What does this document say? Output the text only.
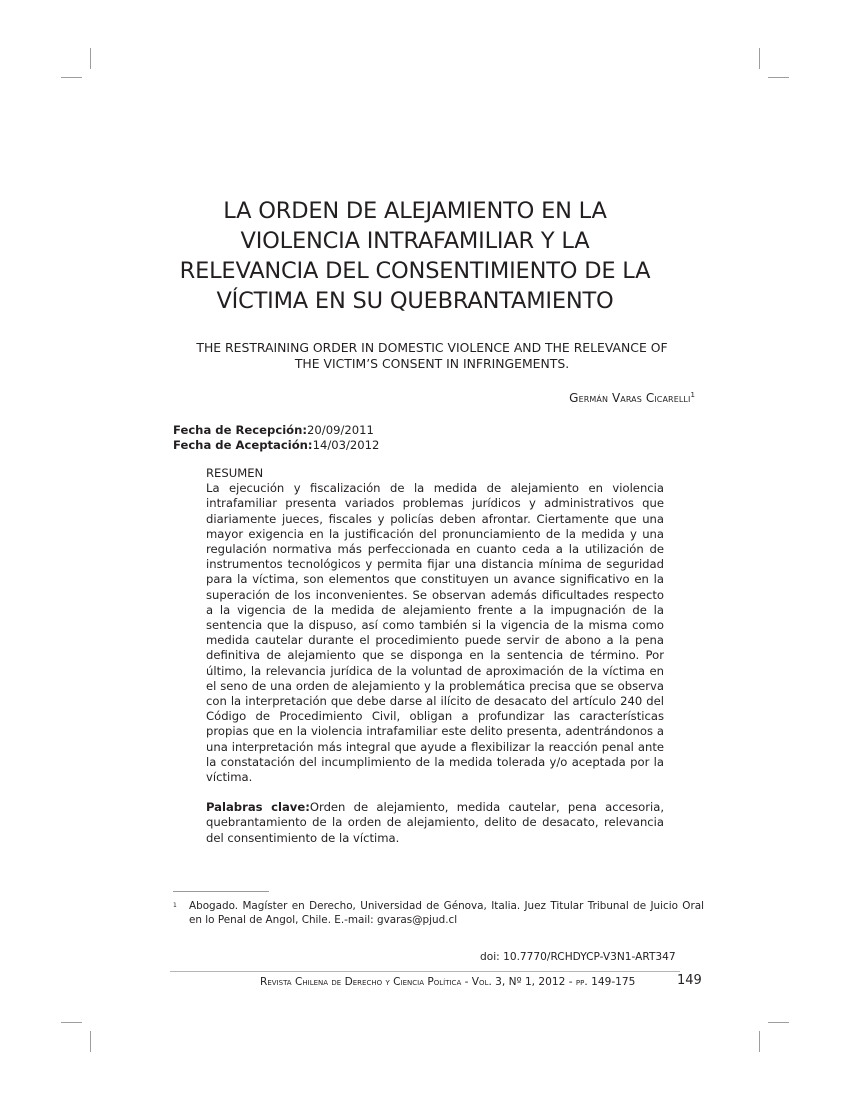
LA ORDEN DE ALEJAMIENTO EN LA
VIOLENCIA INTRAFAMILIAR Y LA
RELEVANCIA DEL CONSENTIMIENTO DE LA
VÍCTIMA EN SU QUEBRANTAMIENTO
THE RESTRAINING ORDER IN DOMESTIC VIOLENCE AND THE RELEVANCE OF
THE VICTIM’S CONSENT IN INFRINGEMENTS.
Germán Varas Cicarelli$^1$
Fecha de Recepción:20/09/2011
Fecha de Aceptación:14/03/2012

RESUMEN

La ejecución y fiscalización de la medida de alejamiento en violencia intrafamiliar presenta variados problemas jurídicos y administrativos que diariamente jueces, fiscales y policías deben afrontar. Ciertamente que una mayor exigencia en la justificación del pronunciamiento de la medida y una regulación normativa más perfeccionada en cuanto ceda a la utilización de instrumentos tecnológicos y permita fijar una distancia mínima de seguridad para la víctima, son elementos que constituyen un avance significativo en la superación de los inconvenientes. Se observan además dificultades respecto a la vigencia de la medida de alejamiento frente a la impugnación de la sentencia que la dispuso, así como también si la vigencia de la misma como medida cautelar durante el procedimiento puede servir de abono a la pena definitiva de alejamiento que se disponga en la sentencia de término. Por último, la relevancia jurídica de la voluntad de aproximación de la víctima en el seno de una orden de alejamiento y la problemática precisa que se observa con la interpretación que debe darse al ilícito de desacato del artículo 240 del Código de Procedimiento Civil, obligan a profundizar las características propias que en la violencia intrafamiliar este delito presenta, adentrándonos a una interpretación más integral que ayude a flexibilizar la reacción penal ante la constatación del incumplimiento de la medida tolerada y/o aceptada por la víctima.

Palabras clave:Orden de alejamiento, medida cautelar, pena accesoria, quebrantamiento de la orden de alejamiento, delito de desacato, relevancia del consentimiento de la víctima.

1 Abogado. Magíster en Derecho, Universidad de Génova, Italia. Juez Titular Tribunal de Juicio Oral en lo Penal de Angol, Chile. E.-mail: gvaras@pjud.cl
doi: 10.7770/RCHDYCP-V3N1-ART347
Revista Chilena de Derecho y Ciencia Política - Vol. 3, Nº 1, 2012 - pp. 149-175	149
